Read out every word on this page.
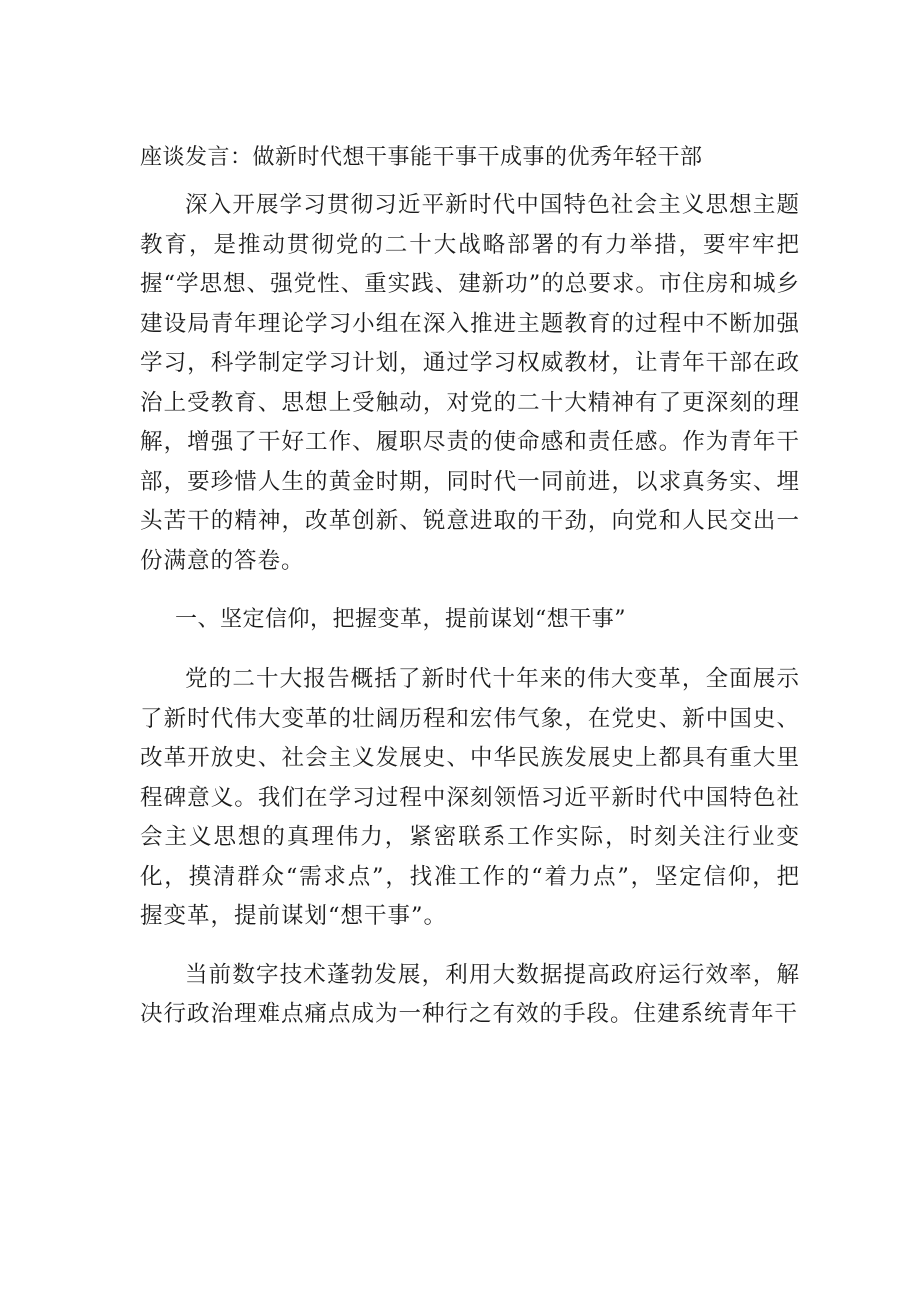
座谈发言：做新时代想干事能干事干成事的优秀年轻干部

深入开展学习贯彻习近平新时代中国特色社会主义思想主题教育，是推动贯彻党的二十大战略部署的有力举措，要牢牢把握“学思想、强党性、重实践、建新功”的总要求。市住房和城乡建设局青年理论学习小组在深入推进主题教育的过程中不断加强学习，科学制定学习计划，通过学习权威教材，让青年干部在政治上受教育、思想上受触动，对党的二十大精神有了更深刻的理解，增强了干好工作、履职尽责的使命感和责任感。作为青年干部，要珍惜人生的黄金时期，同时代一同前进，以求真务实、埋头苦干的精神，改革创新、锐意进取的干劲，向党和人民交出一份满意的答卷。

一、坚定信仰，把握变革，提前谋划“想干事”

党的二十大报告概括了新时代十年来的伟大变革，全面展示了新时代伟大变革的壮阔历程和宏伟气象，在党史、新中国史、改革开放史、社会主义发展史、中华民族发展史上都具有重大里程碑意义。我们在学习过程中深刻领悟习近平新时代中国特色社会主义思想的真理伟力，紧密联系工作实际，时刻关注行业变化，摸清群众“需求点”，找准工作的“着力点”，坚定信仰，把握变革，提前谋划“想干事”。

当前数字技术蓬勃发展，利用大数据提高政府运行效率，解决行政治理难点痛点成为一种行之有效的手段。住建系统青年干
